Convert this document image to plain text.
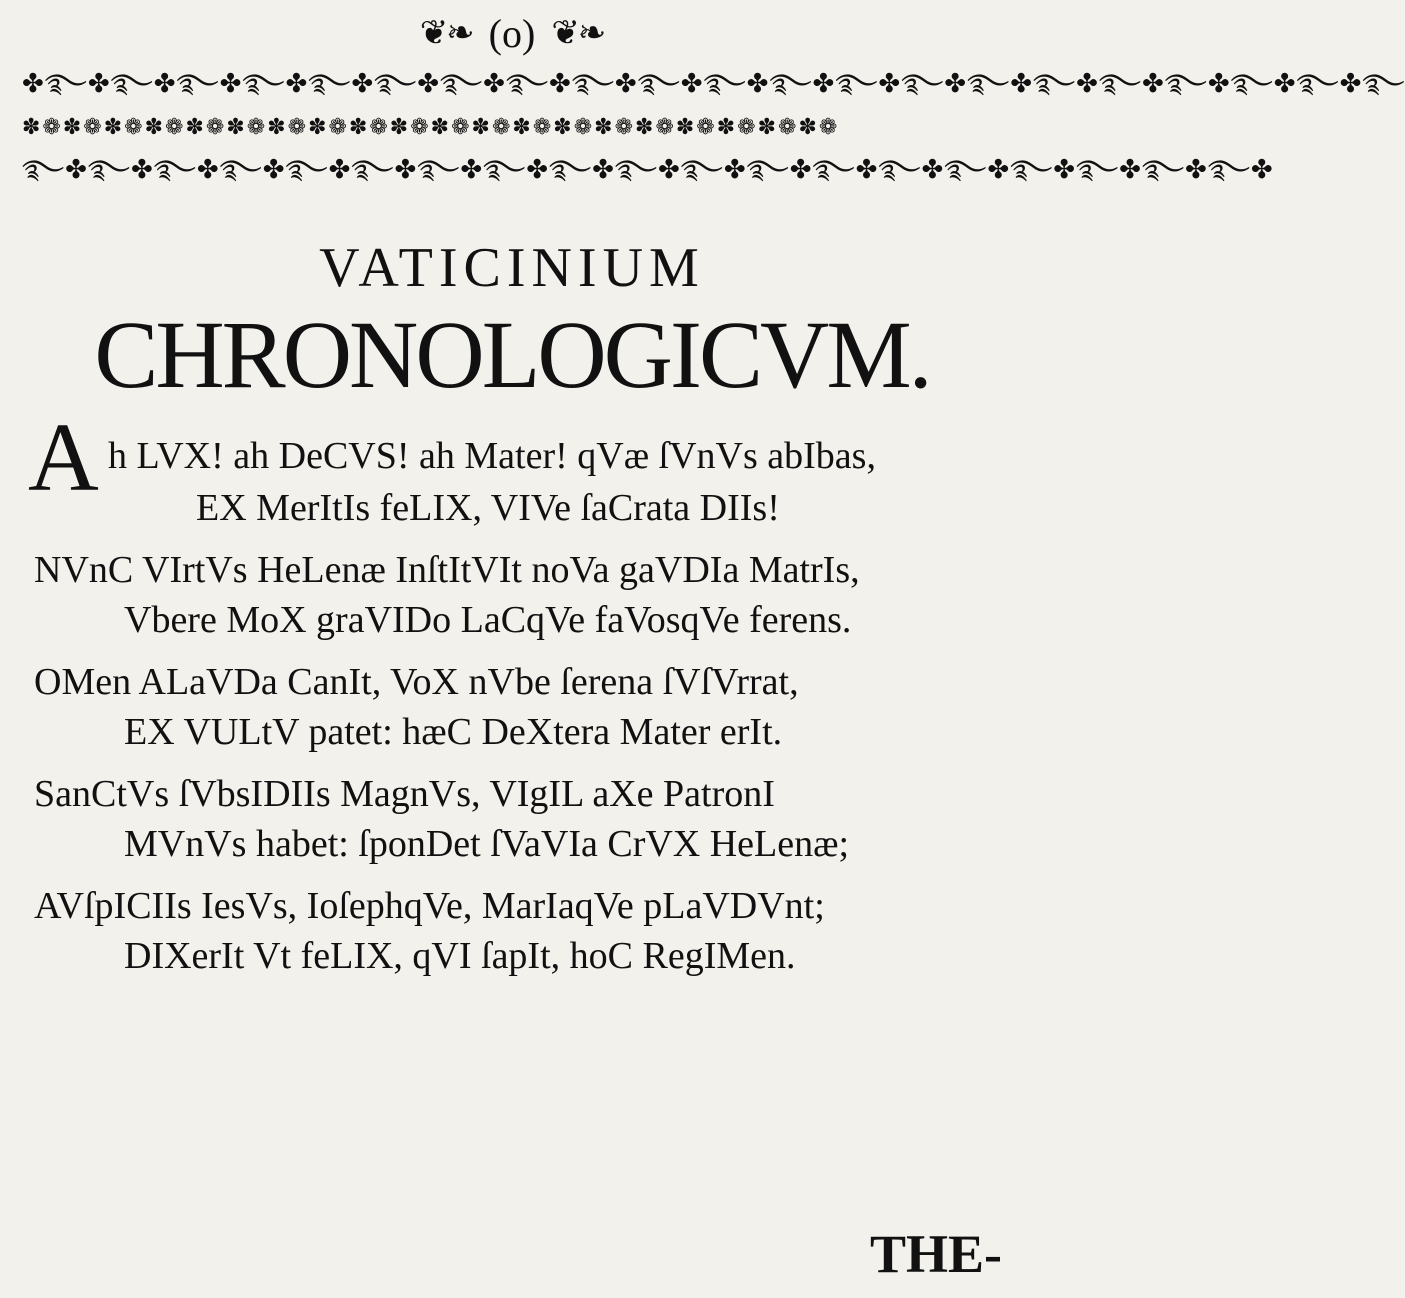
❦❧ (o) ❦❧
✤࿐✤࿐✤࿐✤࿐✤࿐✤࿐✤࿐✤࿐✤࿐✤࿐✤࿐✤࿐✤࿐✤࿐✤࿐✤࿐✤࿐✤࿐✤࿐✤࿐✤࿐
✽❁✽❁✽❁✽❁✽❁✽❁✽❁✽❁✽❁✽❁✽❁✽❁✽❁✽❁✽❁✽❁✽❁✽❁✽❁✽❁
࿐✤࿐✤࿐✤࿐✤࿐✤࿐✤࿐✤࿐✤࿐✤࿐✤࿐✤࿐✤࿐✤࿐✤࿐✤࿐✤࿐✤࿐✤࿐✤
VATICINIUM
CHRONOLOGICVM.
A h LVX! ah DeCVS! ah Mater! qVæ ſVnVs abIbas,
EX MerItIs feLIX, VIVe ſaCrata DIIs!
NVnC VIrtVs HeLenæ InſtItVIt noVa gaVDIa MatrIs,
Vbere MoX graVIDo LaCqVe faVosqVe ferens.
OMen ALaVDa CanIt, VoX nVbe ſerena ſVſVrrat,
EX VULtV patet: hæC DeXtera Mater erIt.
SanCtVs ſVbsIDIIs MagnVs, VIgIL aXe PatronI
MVnVs habet: ſponDet ſVaVIa CrVX HeLenæ;
AVſpICIIs IesVs, IoſephqVe, MarIaqVe pLaVDVnt;
DIXerIt Vt feLIX, qVI ſapIt, hoC RegIMen.
THE-
